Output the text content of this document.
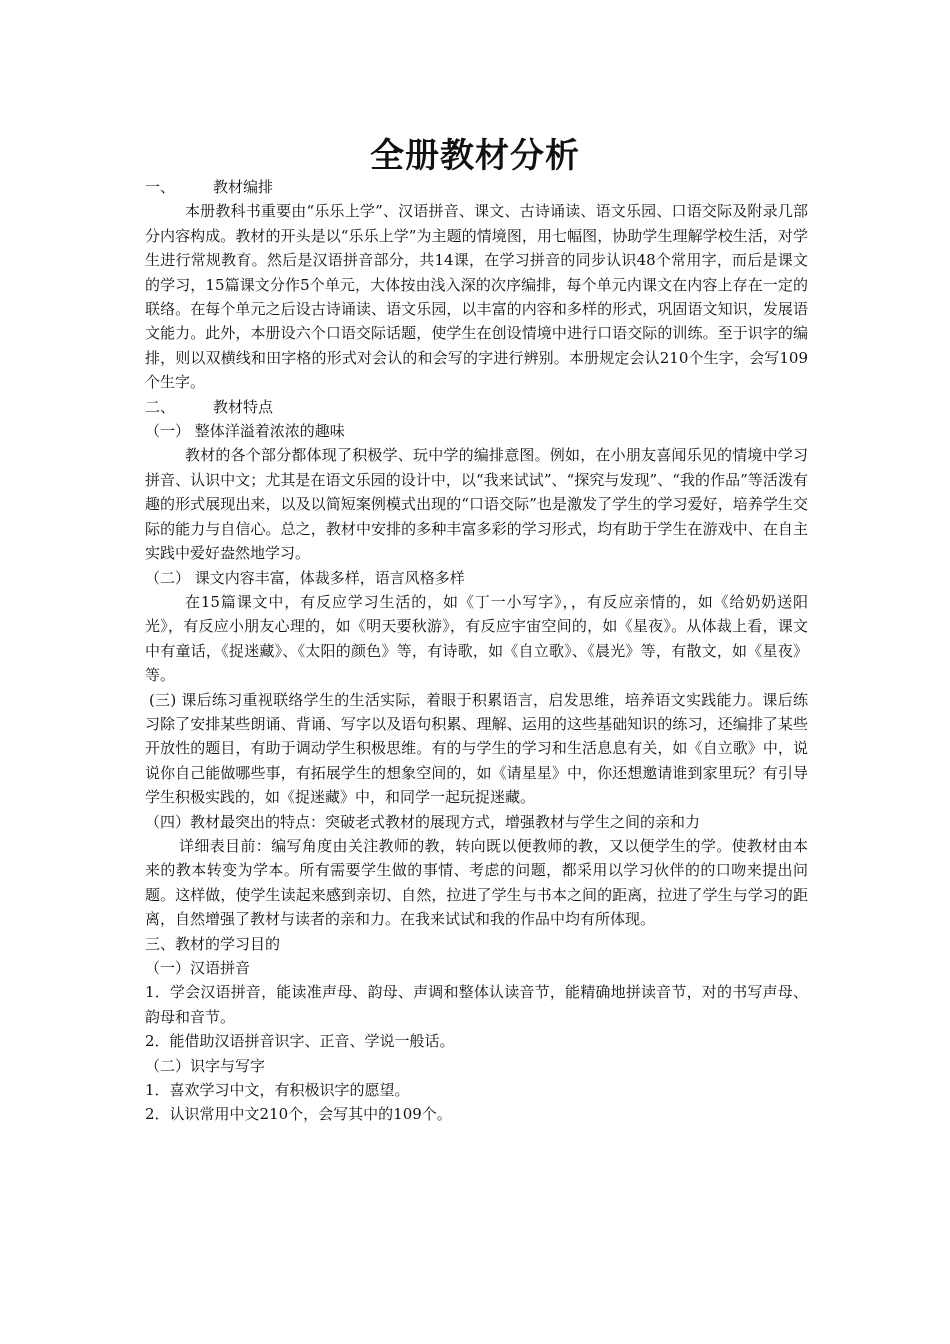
全册教材分析

一、	教材编排

本册教科书重要由“乐乐上学”、汉语拼音、课文、古诗诵读、语文乐园、口语交际及附录几部分内容构成。教材的开头是以“乐乐上学”为主题的情境图，用七幅图，协助学生理解学校生活，对学生进行常规教育。然后是汉语拼音部分，共14课，在学习拼音的同步认识48个常用字，而后是课文的学习，15篇课文分作5个单元，大体按由浅入深的次序编排，每个单元内课文在内容上存在一定的联络。在每个单元之后设古诗诵读、语文乐园，以丰富的内容和多样的形式，巩固语文知识，发展语文能力。此外，本册设六个口语交际话题，使学生在创设情境中进行口语交际的训练。至于识字的编排，则以双横线和田字格的形式对会认的和会写的字进行辨别。本册规定会认210个生字，会写109个生字。

二、	教材特点

（一） 整体洋溢着浓浓的趣味

教材的各个部分都体现了积极学、玩中学的编排意图。例如，在小朋友喜闻乐见的情境中学习拼音、认识中文；尤其是在语文乐园的设计中，以“我来试试”、“探究与发现”、“我的作品”等活泼有趣的形式展现出来，以及以简短案例模式出现的“口语交际”也是激发了学生的学习爱好，培养学生交际的能力与自信心。总之，教材中安排的多种丰富多彩的学习形式，均有助于学生在游戏中、在自主实践中爱好盎然地学习。

（二） 课文内容丰富，体裁多样，语言风格多样

在15篇课文中，有反应学习生活的，如《丁一小写字》，，有反应亲情的，如《给奶奶送阳光》，有反应小朋友心理的，如《明天要秋游》，有反应宇宙空间的，如《星夜》。从体裁上看，课文中有童话，《捉迷藏》、《太阳的颜色》等，有诗歌，如《自立歌》、《晨光》等，有散文，如《星夜》等。

(三) 课后练习重视联络学生的生活实际，着眼于积累语言，启发思维，培养语文实践能力。课后练习除了安排某些朗诵、背诵、写字以及语句积累、理解、运用的这些基础知识的练习，还编排了某些开放性的题目，有助于调动学生积极思维。有的与学生的学习和生活息息有关，如《自立歌》中，说说你自己能做哪些事，有拓展学生的想象空间的，如《请星星》中，你还想邀请谁到家里玩？有引导学生积极实践的，如《捉迷藏》中，和同学一起玩捉迷藏。

（四）教材最突出的特点：突破老式教材的展现方式，增强教材与学生之间的亲和力

详细表目前：编写角度由关注教师的教，转向既以便教师的教，又以便学生的学。使教材由本来的教本转变为学本。所有需要学生做的事情、考虑的问题，都采用以学习伙伴的的口吻来提出问题。这样做，使学生读起来感到亲切、自然，拉进了学生与书本之间的距离，拉进了学生与学习的距离，自然增强了教材与读者的亲和力。在我来试试和我的作品中均有所体现。

三、教材的学习目的

（一）汉语拼音

1．学会汉语拼音，能读准声母、韵母、声调和整体认读音节，能精确地拼读音节，对的书写声母、韵母和音节。

2．能借助汉语拼音识字、正音、学说一般话。

（二）识字与写字

1．喜欢学习中文，有积极识字的愿望。

2．认识常用中文210个，会写其中的109个。
